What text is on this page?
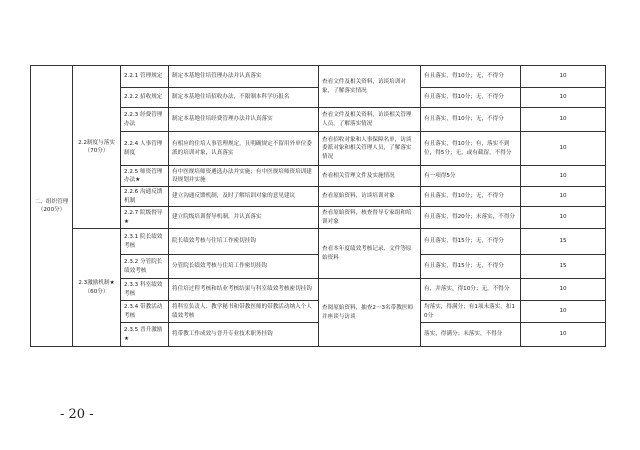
二、组织管理（200分）	2.2制度与落实（70分）	2.2.1 管理规定	制定本基地住培管理办法并认真落实	查看文件及相关资料，访谈培训对象，了解落实情况	有且落实，得10分；无，不得分	10
		2.2.2 招收规定	制定本基地住培招收办法，不限制本科学历报名		有且落实，得10分；无，不得分	10
		2.2.3 经费管理办法	制定本基地住培经费管理办法并认真落实	查看文件及相关资料，访谈相关管理人员，了解落实情况	有且落实，得10分；无，不得分	10
		2.2.4 人事管理制度	有相应的住培人事管理规定，且明确规定不留用外单位委派的培训对象，认真落实	查看招收对象和人事保障名单，访谈委派对象和相关管理人员，了解落实情况	有且落实，得10分；有，落实不到位，得5分；无，或有截留，不得分	10
		2.2.5 师资管理办法★	有中医规培师资遴选办法并实施；有中医规培师资培训建设规划并实施	查看相关管理文件及实施情况	有一项得5分	10
		2.2.6 沟通反馈机制	建立沟通反馈机制，及时了解培训对象的意见建议	查看原始资料，访谈培训对象	有且落实，得10分；无，不得分	10
		2.2.7 院级督导★	建立院级培训督导机制，并认真落实	查看原始资料，核查督导专家组和培训对象	有且落实，得20分；未落实，不得分	10
	2.3激励机制★（60分）	2.3.1 院长绩效考核	院长绩效考核与住培工作密切挂钩	查看本年度绩效考核记录、文件等原始资料	有且落实，得15分；无，不得分	15
		2.3.2 分管院长绩效考核	分管院长绩效考核与住培工作密切挂钩		有且落实，得15分；无，不得分	15
		2.3.3 科室绩效考核	将住培过程考核和结业考核结果与科室绩效考核密切挂钩	查阅原始资料，抽查2～3名带教医师并座谈与访谈	有，并落实，得10分；无，不得分	10
		2.3.4 带教活动考核	将科室负责人、教学秘书和带教医师的带教活动纳入个人绩效考核		均落实，得满分；有1项未落实，扣10分	10
		2.3.5 晋升激励★	将带教工作成效与晋升专业技术职务挂钩		落实，得满分；未落实，不得分	10
- 20 -
